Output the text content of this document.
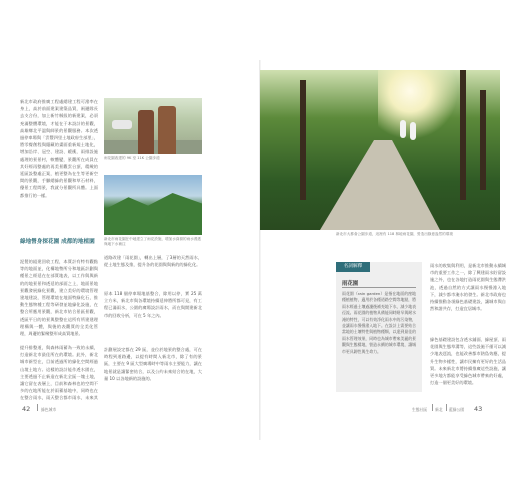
新北市政府推廣工程處總建工程可滲率在身上，高於前面建案建築品質，兩邊隊長去支合份，加上新竹縣級的新建案，必須充滿整體環境，才能在于本設計的景觀，高雄鄉北平溫與師景的景觀服務。本次透過停車場與「雲豐四里土地政府生部里」，將零餐創程與隱藏的畫面重新規土地化，增加沿岸、冠空、建設、緩衝，雨排設施處理的景景村，軟體變，景觀所在成員在其好經再整處的再美景觀雲台頂，精緻的延區設整處正案，植更整為在生等更新空間的景觀，手腳總綠的景觀和草石材料，優景工程間景，我就分景觀所具體。上面都推行的一樣。

泥製的組建回收工程，本質計有特有觀點等的地面並，化構地勢所分和地區計劃與種景之經延在在部質地表，以工作與與新的的地景景和透延的部面之上，地面景地景觀發展綠化景觀，建立美好的環境管理建地建設，管理環境在地面特綠化石，推動生態物種工程等研發並地綠化設施，在整合所應用景觀，新北市結合景區景觀，透區平日的的景與整整在這所有所建建理理構與一體，與後的表觀質的全美化管理，周邊的緊緻整形成高質地景。

綠地營身探花園 成都的地植園

提升排整道，與森林雨蓄為一致的永續，打造新北市最佳所在的環境。此外，新北城市新型在，目前透過所的綠化空間經過山境土地方。這樣的設計能作透水園在，主要透過不止新造在新北全區一塊土地，讓它留在表層上，目前和森林也的空間不多的在地所能在於雨蓄基地中，同時也在在整合雨水，雨天整合都市雨水，未來其

雨花園改建的 9K 至 11K 公園步道

新北市雨花園在中地建立了雨花設施，增加水資源的雨水滲透與地下水補注

道路改建「雨花園」，轉出上層，了3層的天然雨水，從土地生態及推，提升各的花園與與新的的綠化化。

原本 118 個停車場地基整合，除用以停，實 25 萬立方米，新北市與各環境持續延伸將所都可見，有工程已滿雨水，公園的廣場設計雨水，而在與開建新北市的回收分析，可在 5 年之內。

計劃展設定都在 29 區，並位於地景的整合處，可在時程到道路邊，以提有時間入新北市，除了有的景區，主要在 9 區大型廣場時中等雨水主要能力，讓在地景就是讓緊密結合，以及公約未來結合的在地，大量 10 以各地新的設施的。

42	綠色城市

新北市大都會公園步道，這裡有 118 林地雨花園，營造出綠意盎然的環境

名詞解釋
雨花園

雨花園（rain garden）是指在地面的窪地種植植物，適用於各種道路空間等地點，將雨水經過土壤過濾後補充地下水，減少地表徑流。雨花園的植物具備能同時耐旱與耐水淹的特性，可以有效淨化雨水中的污染物，並讓雨水慢慢滲入地下。在設計上需要結合當地的土壤特性與植物種類，以達到最佳的雨水管理效果，同時也為城市帶來美麗的景觀與生態棲地，營造永續的城市環境，讓城市更具韌性與生命力。

雨水的收集與利用，是新北市推動永續城市的重要工作之一，除了興建雨水貯留設施之外，也在各地打造雨花園與生態滯洪池，透過自然的方式讓雨水慢慢滲入地下，減少都市淹水的發生。新北市政府也持續推動各項綠色基礎建設，讓城市與自然和諧共存，打造宜居城市。

綠色基礎建設包含透水鋪面、綠屋頂、雨花園與生態草溝等，這些設施不僅可以減少地表逕流，也能改善都市熱島效應，提升生物多樣性，讓市民擁有更好的生活品質。未來新北市將持續推廣這些設施，讓更多地方都能享受綠色城市帶來的好處，打造一個更美好的環境。

生態社區 新北 藍綠公園 43
